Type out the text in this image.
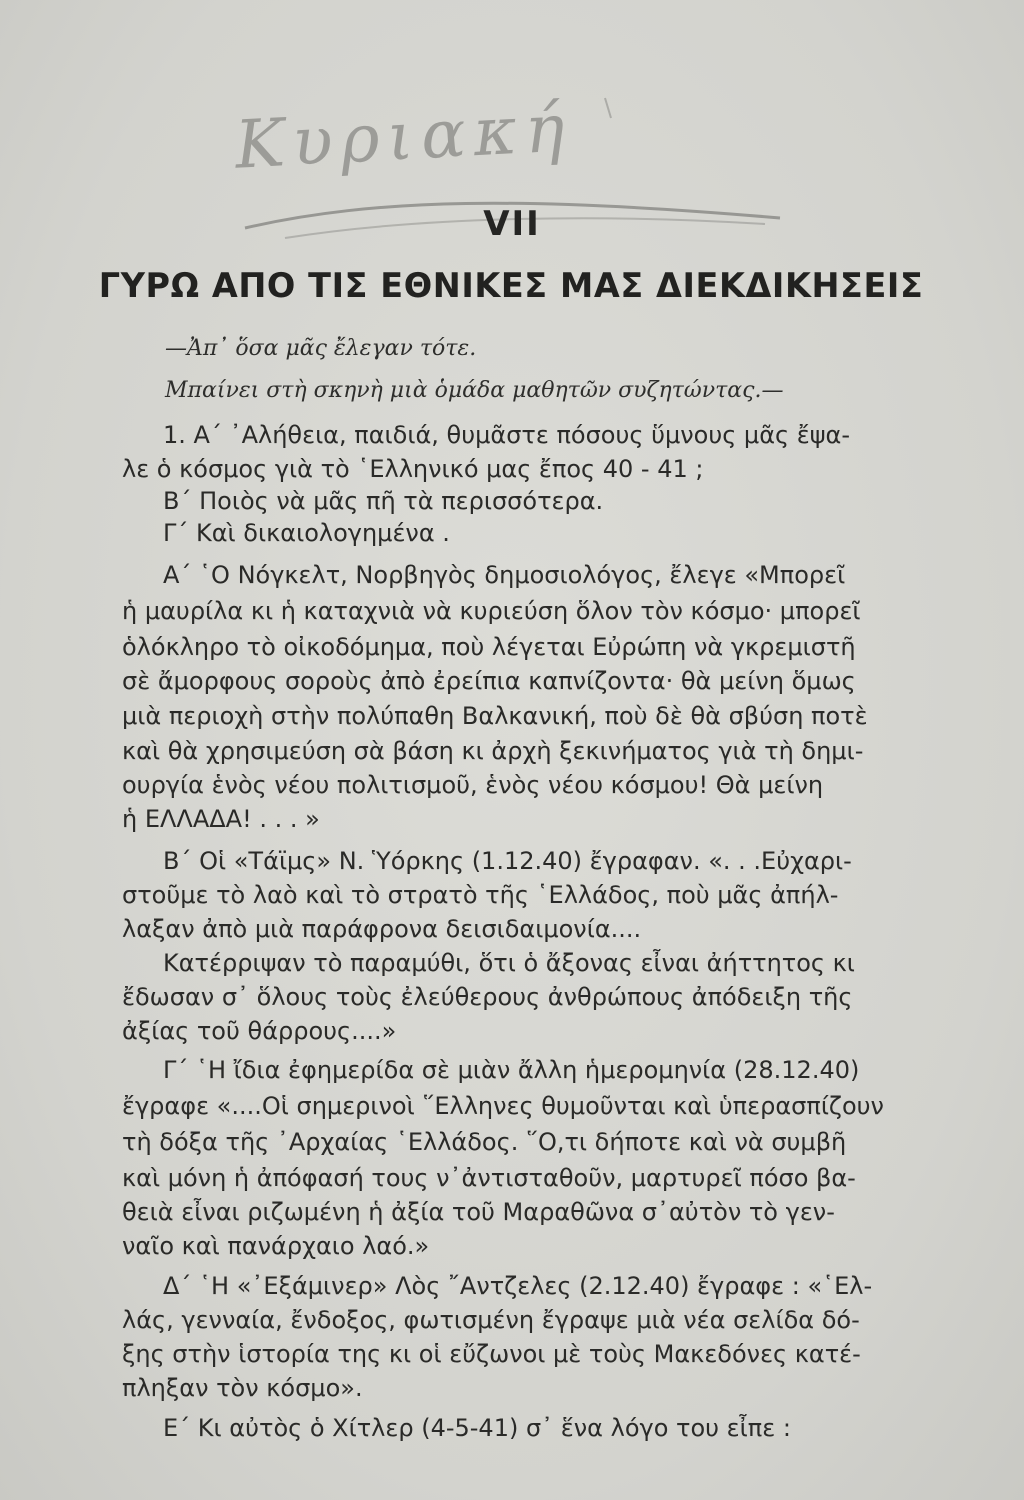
Κυριακή
VII
ΓΥΡΩ ΑΠΟ ΤΙΣ ΕΘΝΙΚΕΣ ΜΑΣ ΔΙΕΚΔΙΚΗΣΕΙΣ
—Ἀπ᾽ ὅσα μᾶς ἔλεγαν τότε.
Μπαίνει στὴ σκηνὴ μιὰ ὁμάδα μαθητῶν συζητώντας.—
1. Α΄ ᾿Αλήθεια, παιδιά, θυμᾶστε πόσους ὕμνους μᾶς ἔψα-
λε ὁ κόσμος γιὰ τὸ ῾Ελληνικό μας ἔπος 40 - 41 ;
Β΄ Ποιὸς νὰ μᾶς πῆ τὰ περισσότερα.
Γ΄ Καὶ δικαιολογημένα .
Α΄ ῾Ο Νόγκελτ, Νορβηγὸς δημοσιολόγος, ἔλεγε «Μπορεῖ
ἡ μαυρίλα κι ἡ καταχνιὰ νὰ κυριεύση ὅλον τὸν κόσμο· μπορεῖ
ὁλόκληρο τὸ οἰκοδόμημα, ποὺ λέγεται Εὐρώπη νὰ γκρεμιστῆ
σὲ ἄμορφους σοροὺς ἀπὸ ἐρείπια καπνίζοντα· θὰ μείνη ὅμως
μιὰ περιοχὴ στὴν πολύπαθη Βαλκανική, ποὺ δὲ θὰ σβύση ποτὲ
καὶ θὰ χρησιμεύση σὰ βάση κι ἀρχὴ ξεκινήματος γιὰ τὴ δημι-
ουργία ἑνὸς νέου πολιτισμοῦ, ἑνὸς νέου κόσμου! Θὰ μείνη
ἡ ΕΛΛΑΔΑ! . . . »
Β΄ Οἱ «Τάϊμς» Ν. Ὑόρκης (1.12.40) ἔγραφαν. «. . .Εὐχαρι-
στοῦμε τὸ λαὸ καὶ τὸ στρατὸ τῆς ῾Ελλάδος, ποὺ μᾶς ἀπήλ-
λαξαν ἀπὸ μιὰ παράφρονα δεισιδαιμονία....
Κατέρριψαν τὸ παραμύθι, ὅτι ὁ ἄξονας εἶναι ἀήττητος κι
ἔδωσαν σ᾽ ὅλους τοὺς ἐλεύθερους ἀνθρώπους ἀπόδειξη τῆς
ἀξίας τοῦ θάρρους....»
Γ΄ ῾Η ἴδια ἐφημερίδα σὲ μιὰν ἄλλη ἡμερομηνία (28.12.40)
ἔγραφε «....Οἱ σημερινοὶ ῞Ελληνες θυμοῦνται καὶ ὑπερασπίζουν
τὴ δόξα τῆς ᾿Αρχαίας ῾Ελλάδος. ῞Ο,τι δήποτε καὶ νὰ συμβῆ
καὶ μόνη ἡ ἀπόφασή τους ν᾽ἀντισταθοῦν, μαρτυρεῖ πόσο βα-
θειὰ εἶναι ριζωμένη ἡ ἀξία τοῦ Μαραθῶνα σ᾽αὐτὸν τὸ γεν-
ναῖο καὶ πανάρχαιο λαό.»
Δ΄ ῾Η «᾿Εξάμινερ» Λὸς ῎Αντζελες (2.12.40) ἔγραφε : «῾Ελ-
λάς, γενναία, ἔνδοξος, φωτισμένη ἔγραψε μιὰ νέα σελίδα δό-
ξης στὴν ἱστορία της κι οἱ εὔζωνοι μὲ τοὺς Μακεδόνες κατέ-
πληξαν τὸν κόσμο».
Ε΄ Κι αὐτὸς ὁ Χίτλερ (4-5-41) σ᾽ ἕνα λόγο του εἶπε :
